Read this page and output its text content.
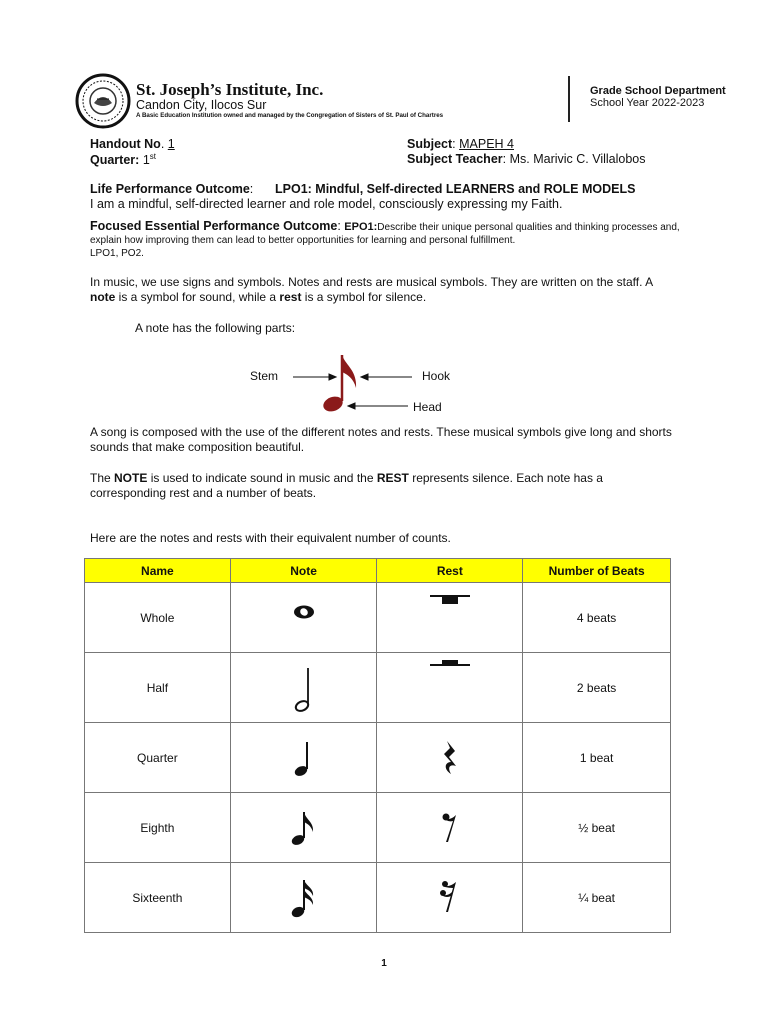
St. Joseph’s Institute, Inc.
Candon City, Ilocos Sur
A Basic Education Institution owned and managed by the Congregation of Sisters of St. Paul of Chartres
Grade School Department
School Year 2022-2023
Handout No. 1
Quarter: 1st
Subject: MAPEH 4
Subject Teacher: Ms. Marivic C. Villalobos
Life Performance Outcome: LPO1: Mindful, Self-directed LEARNERS and ROLE MODELS
I am a mindful, self-directed learner and role model, consciously expressing my Faith.
Focused Essential Performance Outcome: EPO1:Describe their unique personal qualities and thinking processes and, explain how improving them can lead to better opportunities for learning and personal fulfillment.
LPO1, PO2.
In music, we use signs and symbols. Notes and rests are musical symbols. They are written on the staff. A note is a symbol for sound, while a rest is a symbol for silence.
A note has the following parts:
Stem	Hook
Head
A song is composed with the use of the different notes and rests. These musical symbols give long and shorts sounds that make composition beautiful.
The NOTE is used to indicate sound in music and the REST represents silence. Each note has a corresponding rest and a number of beats.
Here are the notes and rests with their equivalent number of counts.
Name	Note	Rest	Number of Beats
Whole			4 beats
Half			2 beats
Quarter			1 beat
Eighth			½ beat
Sixteenth			¼ beat
1
